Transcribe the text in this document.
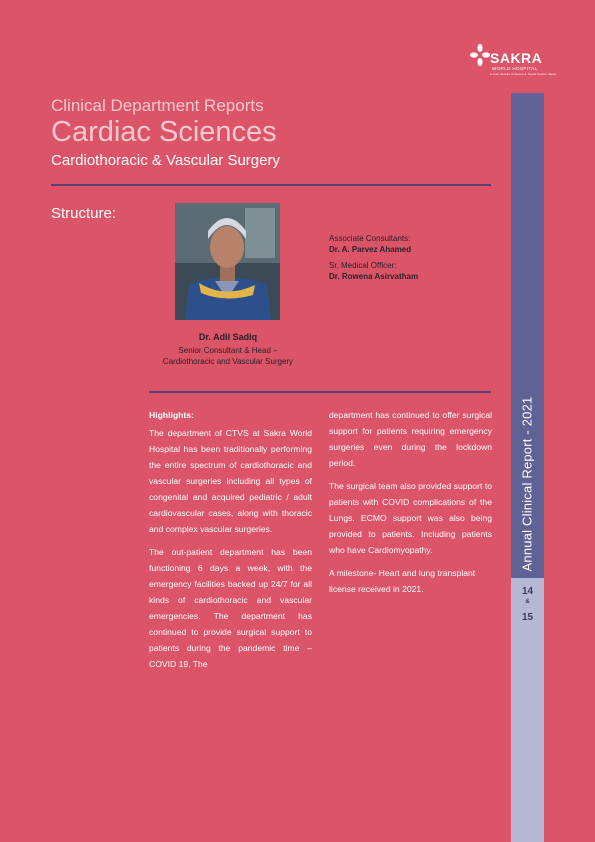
SAKRA
WORLD HOSPITAL
A Joint Venture of Secom & Toyota Tsusho, Japan
Annual Clinical Report - 2021
14
&
15
Clinical Department Reports
Cardiac Sciences
Cardiothoracic & Vascular Surgery
Structure:
Dr. Adil Sadiq
Senior Consultant & Head – Cardiothoracic and Vascular Surgery
Associate Consultants:
Dr. A. Parvez Ahamed
Sr. Medical Officer:
Dr. Rowena Asirvatham

Highlights:

The department of CTVS at Sakra World Hospital has been traditionally performing the entire spectrum of cardiothoracic and vascular surgeries including all types of congenital and acquired pediatric / adult cardiovascular cases, along with thoracic and complex vascular surgeries.

The out-patient department has been functioning 6 days a week, with the emergency facilities backed up 24/7 for all kinds of cardiothoracic and vascular emergencies. The department has continued to provide surgical support to patients during the pandemic time – COVID 19. The

department has continued to offer surgical support for patients requiring emergency surgeries even during the lockdown period.

The surgical team also provided support to patients with COVID complications of the Lungs. ECMO support was also being provided to patients. Including patients who have Cardiomyopathy.

A milestone- Heart and lung transplant license received in 2021.
